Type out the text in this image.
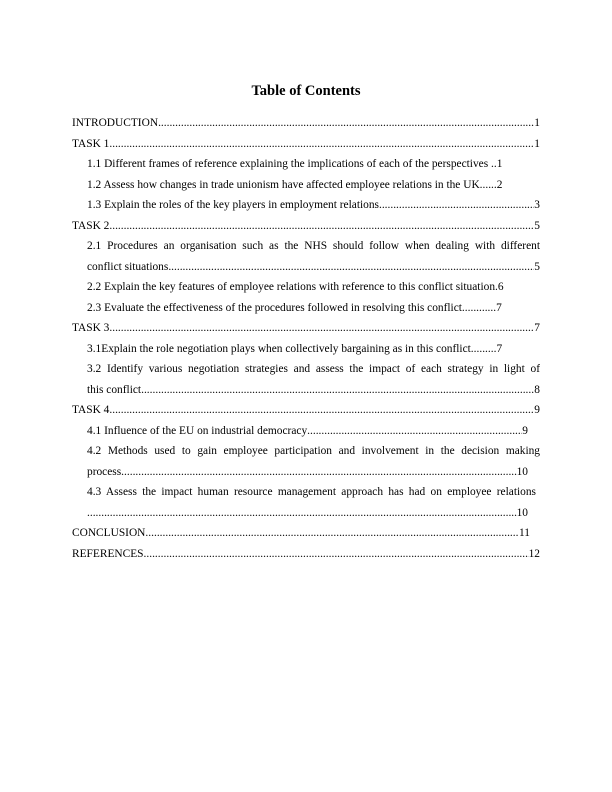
Table of Contents
INTRODUCTION .....	1
TASK 1 .....	1
1.1 Different frames of reference explaining the implications of each of the perspectives .. 1
1.2 Assess how changes in trade unionism have affected employee relations in the UK...... 2
1.3 Explain the roles of the key players in employment relations .....	3
TASK 2 .....	5
2.1 Procedures an organisation such as the NHS should follow when dealing with different
conflict situations .....	5
2.2 Explain the key features of employee relations with reference to this conflict situation. 6
2.3 Evaluate the effectiveness of the procedures followed in resolving this conflict............ 7
TASK 3 .....	7
3.1Explain the role negotiation plays when collectively bargaining as in this conflict......... 7
3.2 Identify various negotiation strategies and assess the impact of each strategy in light of
this conflict .....	8
TASK 4 .....	9
4.1 Influence of the EU on industrial democracy .....	9
4.2 Methods used to gain employee participation and involvement in the decision making
process .....	10
4.3 Assess the impact human resource management approach has had on employee relations
.....
10
CONCLUSION .....	11
REFERENCES .....	12
